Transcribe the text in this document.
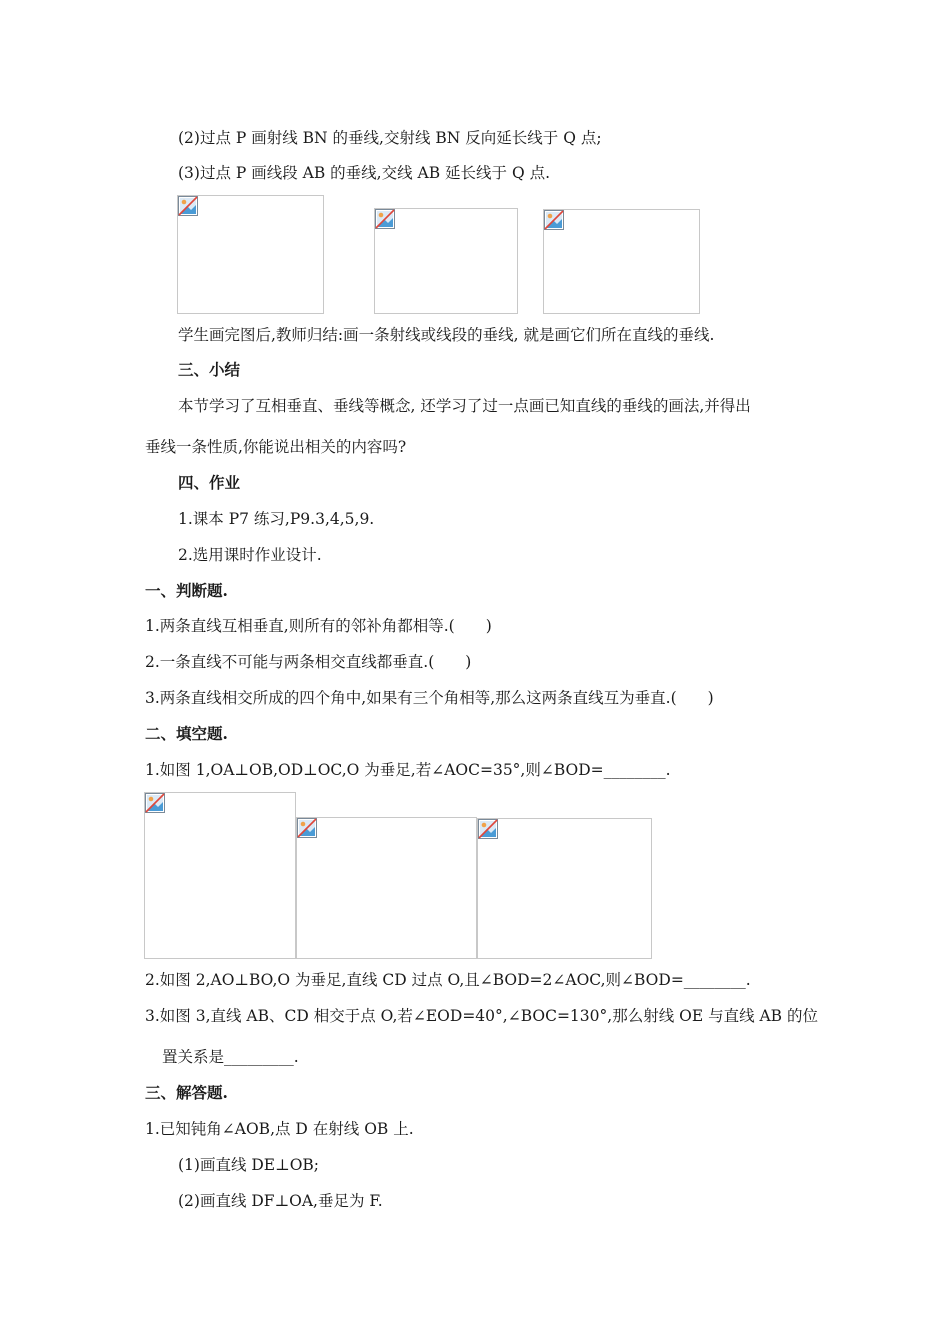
(2)过点 P 画射线 BN 的垂线,交射线 BN 反向延长线于 Q 点;
(3)过点 P 画线段 AB 的垂线,交线 AB 延长线于 Q 点.
学生画完图后,教师归结:画一条射线或线段的垂线, 就是画它们所在直线的垂线.
三、小结
本节学习了互相垂直、垂线等概念, 还学习了过一点画已知直线的垂线的画法,并得出
垂线一条性质,你能说出相关的内容吗?
四、作业
1.课本 P7 练习,P9.3,4,5,9.
2.选用课时作业设计.
一、判断题.
1.两条直线互相垂直,则所有的邻补角都相等.(　　)
2.一条直线不可能与两条相交直线都垂直.(　　)
3.两条直线相交所成的四个角中,如果有三个角相等,那么这两条直线互为垂直.(　　)
二、填空题.
1.如图 1,OA⊥OB,OD⊥OC,O 为垂足,若∠AOC=35°,则∠BOD=________.
2.如图 2,AO⊥BO,O 为垂足,直线 CD 过点 O,且∠BOD=2∠AOC,则∠BOD=________.
3.如图 3,直线 AB、CD 相交于点 O,若∠EOD=40°,∠BOC=130°,那么射线 OE 与直线 AB 的位
置关系是_________.
三、解答题.
1.已知钝角∠AOB,点 D 在射线 OB 上.
(1)画直线 DE⊥OB;
(2)画直线 DF⊥OA,垂足为 F.
